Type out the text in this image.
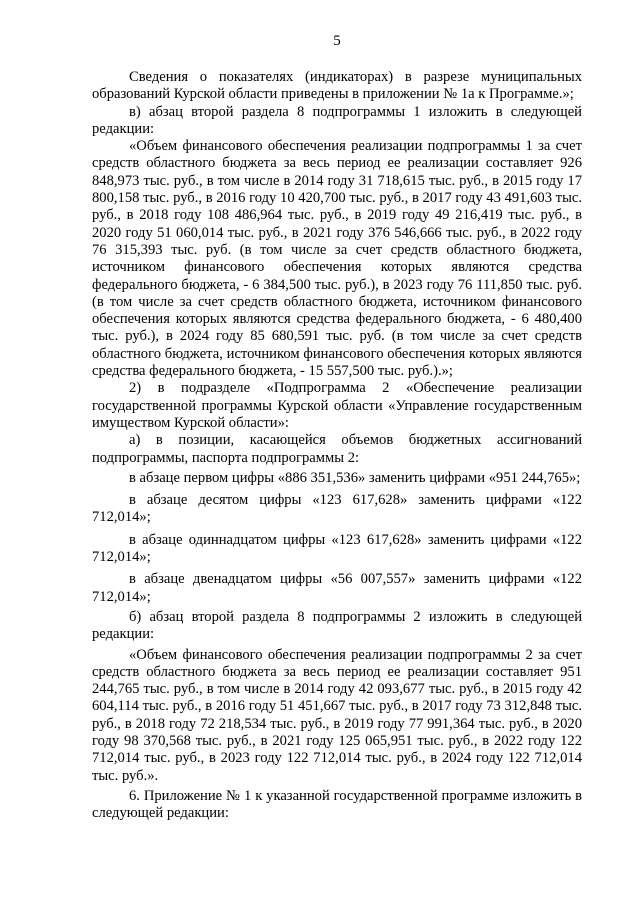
5

Сведения о показателях (индикаторах) в разрезе муниципальных образований Курской области приведены в приложении № 1а к Программе.»;

в) абзац второй раздела 8 подпрограммы 1 изложить в следующей редакции:

«Объем финансового обеспечения реализации подпрограммы 1 за счет средств областного бюджета за весь период ее реализации составляет 926 848,973 тыс. руб., в том числе в 2014 году 31 718,615 тыс. руб., в 2015 году 17 800,158 тыс. руб., в 2016 году 10 420,700 тыс. руб., в 2017 году 43 491,603 тыс. руб., в 2018 году 108 486,964 тыс. руб., в 2019 году 49 216,419 тыс. руб., в 2020 году 51 060,014 тыс. руб., в 2021 году 376 546,666 тыс. руб., в 2022 году 76 315,393 тыс. руб. (в том числе за счет средств областного бюджета, источником финансового обеспечения которых являются средства федерального бюджета, - 6 384,500 тыс. руб.), в 2023 году 76 111,850 тыс. руб. (в том числе за счет средств областного бюджета, источником финансового обеспечения которых являются средства федерального бюджета, - 6 480,400 тыс. руб.), в 2024 году 85 680,591 тыс. руб. (в том числе за счет средств областного бюджета, источником финансового обеспечения которых являются средства федерального бюджета, - 15 557,500 тыс. руб.).»;

2) в подразделе «Подпрограмма 2 «Обеспечение реализации государственной программы Курской области «Управление государственным имуществом Курской области»:

а) в позиции, касающейся объемов бюджетных ассигнований подпрограммы, паспорта подпрограммы 2:

в абзаце первом цифры «886 351,536» заменить цифрами «951 244,765»;

в абзаце десятом цифры «123 617,628» заменить цифрами «122 712,014»;

в абзаце одиннадцатом цифры «123 617,628» заменить цифрами «122 712,014»;

в абзаце двенадцатом цифры «56 007,557» заменить цифрами «122 712,014»;

б) абзац второй раздела 8 подпрограммы 2 изложить в следующей редакции:

«Объем финансового обеспечения реализации подпрограммы 2 за счет средств областного бюджета за весь период ее реализации составляет 951 244,765 тыс. руб., в том числе в 2014 году 42 093,677 тыс. руб., в 2015 году 42 604,114 тыс. руб., в 2016 году 51 451,667 тыс. руб., в 2017 году 73 312,848 тыс. руб., в 2018 году 72 218,534 тыс. руб., в 2019 году 77 991,364 тыс. руб., в 2020 году 98 370,568 тыс. руб., в 2021 году 125 065,951 тыс. руб., в 2022 году 122 712,014 тыс. руб., в 2023 году 122 712,014 тыс. руб., в 2024 году 122 712,014 тыс. руб.».

6. Приложение № 1 к указанной государственной программе изложить в следующей редакции:
